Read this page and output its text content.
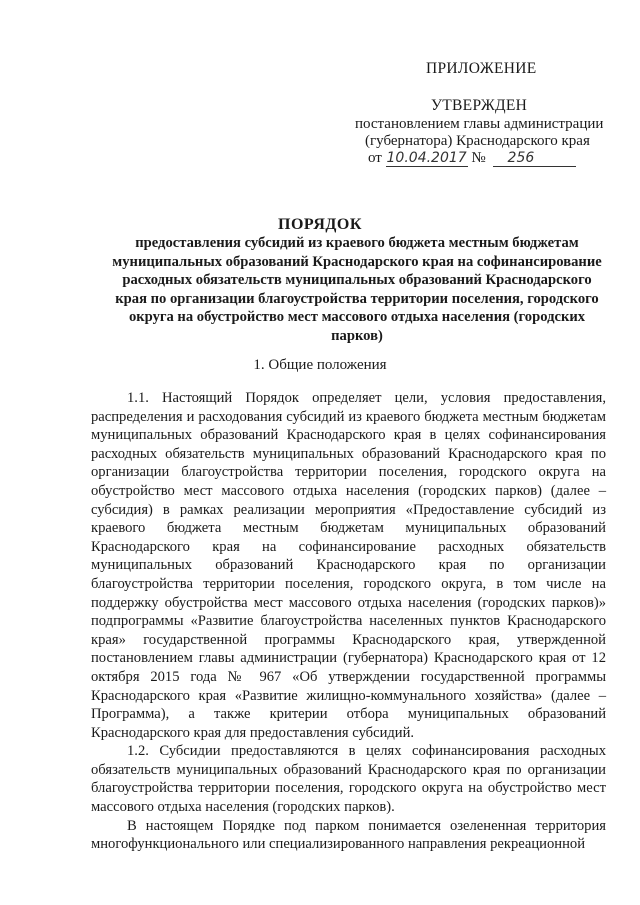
ПРИЛОЖЕНИЕ
УТВЕРЖДЕН
постановлением главы администрации
(губернатора) Краснодарского края
от 10.04.2017 № 256
ПОРЯДОК
предоставления субсидий из краевого бюджета местным бюджетам муниципальных образований Краснодарского края на софинансирование расходных обязательств муниципальных образований Краснодарского края по организации благоустройства территории поселения, городского округа на обустройство мест массового отдыха населения (городских парков)
1. Общие положения

1.1. Настоящий Порядок определяет цели, условия предоставления, распределения и расходования субсидий из краевого бюджета местным бюджетам муниципальных образований Краснодарского края в целях софинансирования расходных обязательств муниципальных образований Краснодарского края по организации благоустройства территории поселения, городского округа на обустройство мест массового отдыха населения (городских парков) (далее – субсидия) в рамках реализации мероприятия «Предоставление субсидий из краевого бюджета местным бюджетам муниципальных образований Краснодарского края на софинансирование расходных обязательств муниципальных образований Краснодарского края по организации благоустройства территории поселения, городского округа, в том числе на поддержку обустройства мест массового отдыха населения (городских парков)» подпрограммы «Развитие благоустройства населенных пунктов Краснодарского края» государственной программы Краснодарского края, утвержденной постановлением главы администрации (губернатора) Краснодарского края от 12 октября 2015 года № 967 «Об утверждении государственной программы Краснодарского края «Развитие жилищно-коммунального хозяйства» (далее – Программа), а также критерии отбора муниципальных образований Краснодарского края для предоставления субсидий.

1.2. Субсидии предоставляются в целях софинансирования расходных обязательств муниципальных образований Краснодарского края по организации благоустройства территории поселения, городского округа на обустройство мест массового отдыха населения (городских парков).

В настоящем Порядке под парком понимается озелененная территория многофункционального или специализированного направления рекреационной
